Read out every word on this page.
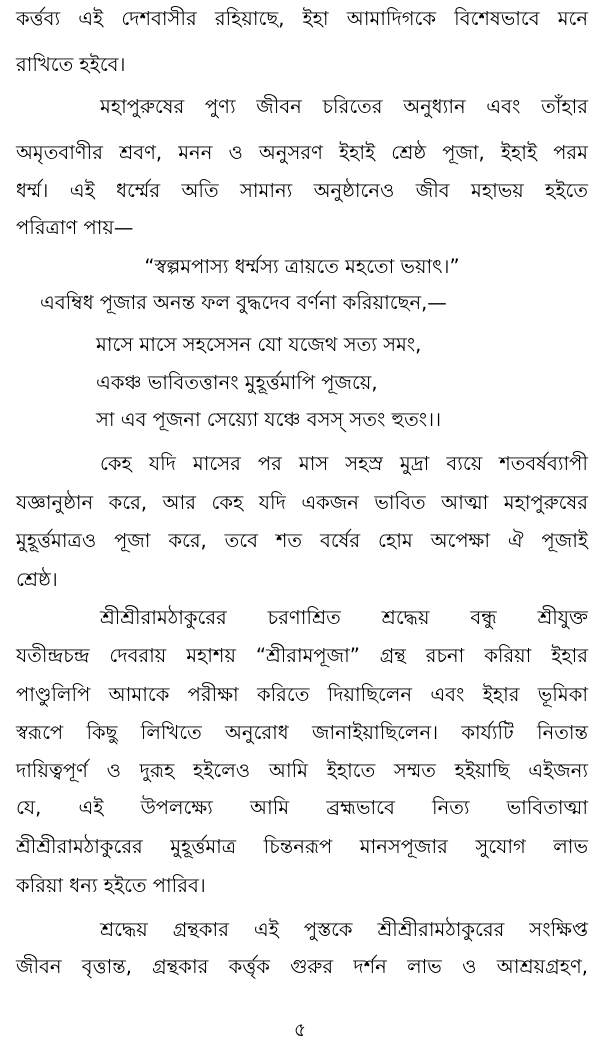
কর্ত্তব্য এই দেশবাসীর রহিয়াছে, ইহা আমাদিগকে বিশেষভাবে মনে
রাখিতে হইবে।
মহাপুরুষের পুণ্য জীবন চরিতের অনুধ্যান এবং তাঁহার
অমৃতবাণীর শ্রবণ, মনন ও অনুসরণ ইহাই শ্রেষ্ঠ পূজা, ইহাই পরম
ধর্ম্ম। এই ধর্ম্মের অতি সামান্য অনুষ্ঠানেও জীব মহাভয় হইতে
পরিত্রাণ পায়—
“স্বল্পমপাস্য ধর্ম্মস্য ত্রায়তে মহতো ভয়াৎ।”
এবম্বিধ পূজার অনন্ত ফল বুদ্ধদেব বর্ণনা করিয়াছেন,—
মাসে মাসে সহসেসন যো যজেথ সত্য সমং,
একঞ্চ ভাবিতত্তানং মুহূর্ত্তমাপি পূজয়ে,
সা এব পূজনা সেয়্যো যঞ্চে বসস্ সতং হুতং।।
কেহ যদি মাসের পর মাস সহস্র মুদ্রা ব্যয়ে শতবর্ষব্যাপী
যজ্ঞানুষ্ঠান করে, আর কেহ যদি একজন ভাবিত আত্মা মহাপুরুষের
মুহূর্ত্তমাত্রও পূজা করে, তবে শত বর্ষের হোম অপেক্ষা ঐ পূজাই
শ্রেষ্ঠ।
শ্রীশ্রীরামঠাকুরের চরণাশ্রিত শ্রদ্ধেয় বন্ধু শ্রীযুক্ত
যতীন্দ্রচন্দ্র দেবরায় মহাশয় “শ্রীরামপূজা” গ্রন্থ রচনা করিয়া ইহার
পাণ্ডুলিপি আমাকে পরীক্ষা করিতে দিয়াছিলেন এবং ইহার ভূমিকা
স্বরূপে কিছু লিখিতে অনুরোধ জানাইয়াছিলেন। কার্য্যটি নিতান্ত
দায়িত্বপূর্ণ ও দুরূহ হইলেও আমি ইহাতে সম্মত হইয়াছি এইজন্য
যে, এই উপলক্ষ্যে আমি ব্রহ্মভাবে নিত্য ভাবিতাত্মা
শ্রীশ্রীরামঠাকুরের মুহূর্ত্তমাত্র চিন্তনরূপ মানসপূজার সুযোগ লাভ
করিয়া ধন্য হইতে পারিব।
শ্রদ্ধেয় গ্রন্থকার এই পুস্তকে শ্রীশ্রীরামঠাকুরের সংক্ষিপ্ত
জীবন বৃত্তান্ত, গ্রন্থকার কর্ত্তৃক গুরুর দর্শন লাভ ও আশ্রয়গ্রহণ,
৫
